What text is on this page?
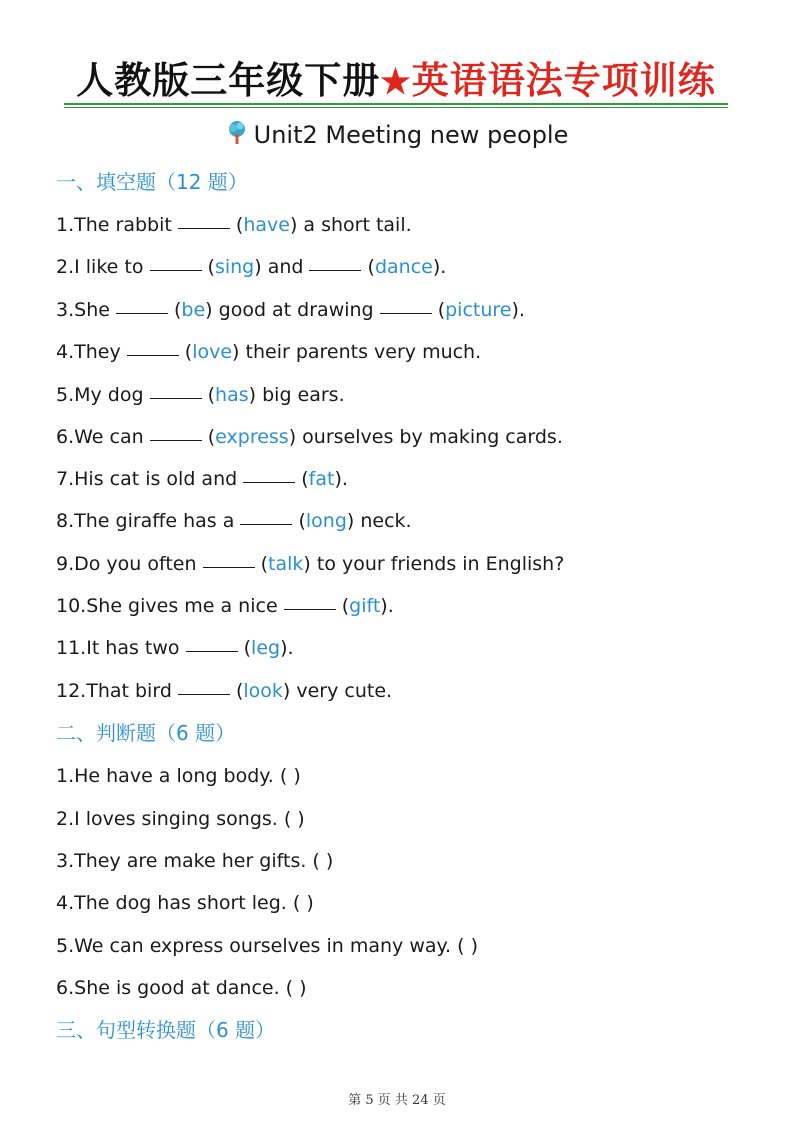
人教版三年级下册★英语语法专项训练
Unit2 Meeting new people
一、填空题（12 题）
1.The rabbit	(have) a short tail.
2.I like to	(sing) and	(dance).
3.She	(be) good at drawing	(picture).
4.They	(love) their parents very much.
5.My dog	(has) big ears.
6.We can	(express) ourselves by making cards.
7.His cat is old and	(fat).
8.The giraffe has a	(long) neck.
9.Do you often	(talk) to your friends in English?
10.She gives me a nice	(gift).
11.It has two	(leg).
12.That bird	(look) very cute.
二、判断题（6 题）
1.He have a long body. ( )
2.I loves singing songs. ( )
3.They are make her gifts. ( )
4.The dog has short leg. ( )
5.We can express ourselves in many way. ( )
6.She is good at dance. ( )
三、句型转换题（6 题）
第 5 页 共 24 页
